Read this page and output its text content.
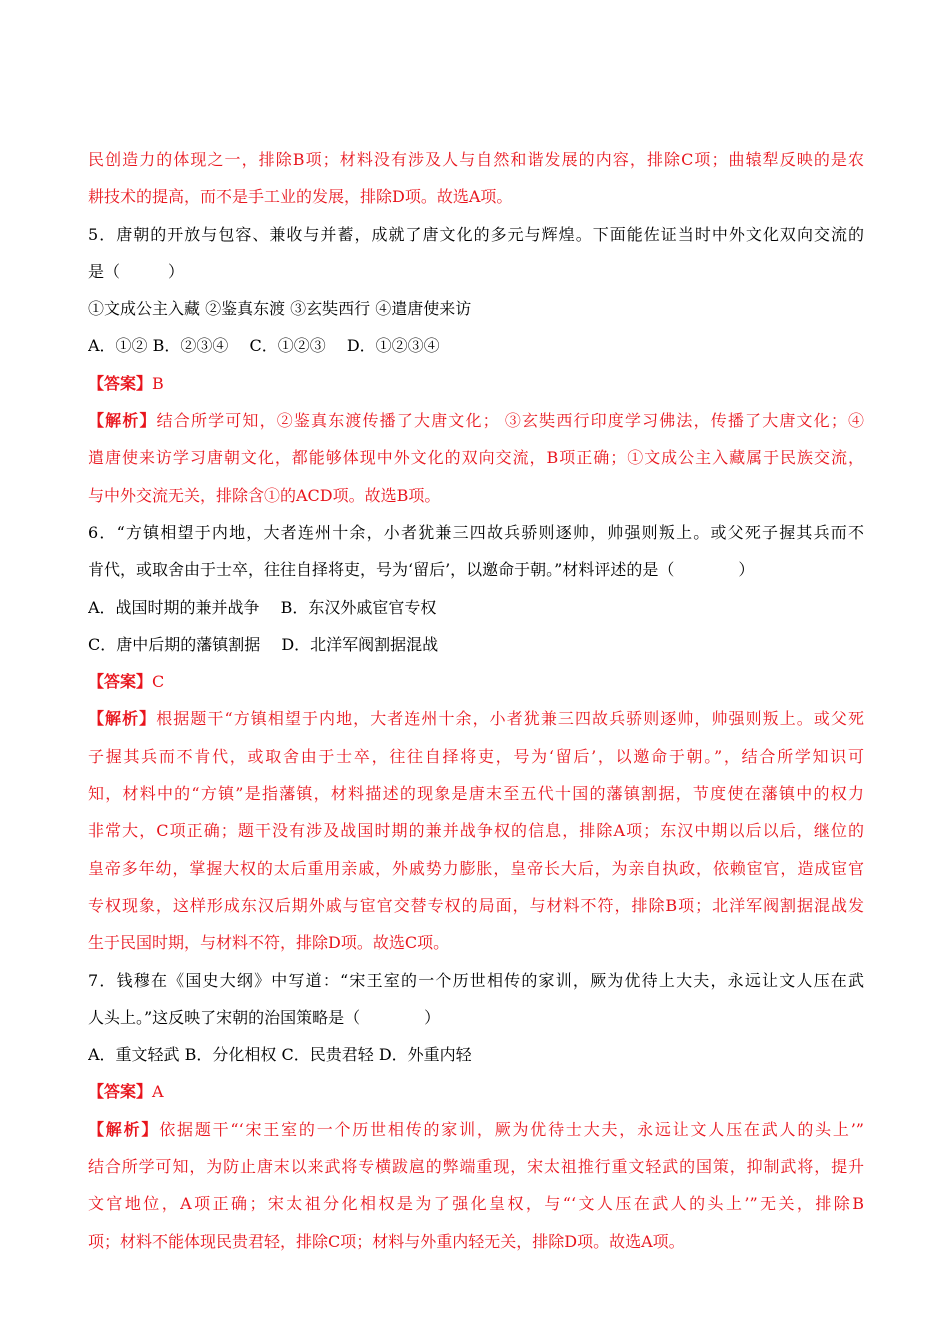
民创造力的体现之一，排除B项；材料没有涉及人与自然和谐发展的内容，排除C项；曲辕犁反映的是农
耕技术的提高，而不是手工业的发展，排除D项。故选A项。
5．唐朝的开放与包容、兼收与并蓄，成就了唐文化的多元与辉煌。下面能佐证当时中外文化双向交流的
是（　　　）
①文成公主入藏 ②鉴真东渡 ③玄奘西行 ④遣唐使来访
A．①② B．②③④　 C．①②③　 D．①②③④
【答案】B
【解析】结合所学可知，②鉴真东渡传播了大唐文化； ③玄奘西行印度学习佛法，传播了大唐文化；④
遣唐使来访学习唐朝文化，都能够体现中外文化的双向交流，B项正确；①文成公主入藏属于民族交流，
与中外交流无关，排除含①的ACD项。故选B项。
6．“方镇相望于内地，大者连州十余，小者犹兼三四故兵骄则逐帅，帅强则叛上。或父死子握其兵而不
肯代，或取舍由于士卒，往往自择将吏，号为‘留后’，以邀命于朝。”材料评述的是（　　　　）
A．战国时期的兼并战争　 B．东汉外戚宦官专权
C．唐中后期的藩镇割据　 D．北洋军阀割据混战
【答案】C
【解析】根据题干“方镇相望于内地，大者连州十余，小者犹兼三四故兵骄则逐帅，帅强则叛上。或父死
子握其兵而不肯代，或取舍由于士卒，往往自择将吏，号为‘留后’，以邀命于朝。”，结合所学知识可
知，材料中的“方镇”是指藩镇，材料描述的现象是唐末至五代十国的藩镇割据，节度使在藩镇中的权力
非常大，C项正确；题干没有涉及战国时期的兼并战争权的信息，排除A项；东汉中期以后以后，继位的
皇帝多年幼，掌握大权的太后重用亲戚，外戚势力膨胀，皇帝长大后，为亲自执政，依赖宦官，造成宦官
专权现象，这样形成东汉后期外戚与宦官交替专权的局面，与材料不符，排除B项；北洋军阀割据混战发
生于民国时期，与材料不符，排除D项。故选C项。
7．钱穆在《国史大纲》中写道：“宋王室的一个历世相传的家训，厥为优待上大夫，永远让文人压在武
人头上。”这反映了宋朝的治国策略是（　　　　）
A．重文轻武 B．分化相权 C．民贵君轻 D．外重内轻
【答案】A
【解析】依据题干“‘宋王室的一个历世相传的家训，厥为优待士大夫，永远让文人压在武人的头上’”
结合所学可知，为防止唐末以来武将专横跋扈的弊端重现，宋太祖推行重文轻武的国策，抑制武将，提升
文官地位，A项正确；宋太祖分化相权是为了强化皇权，与“‘文人压在武人的头上’”无关，排除B
项；材料不能体现民贵君轻，排除C项；材料与外重内轻无关，排除D项。故选A项。
